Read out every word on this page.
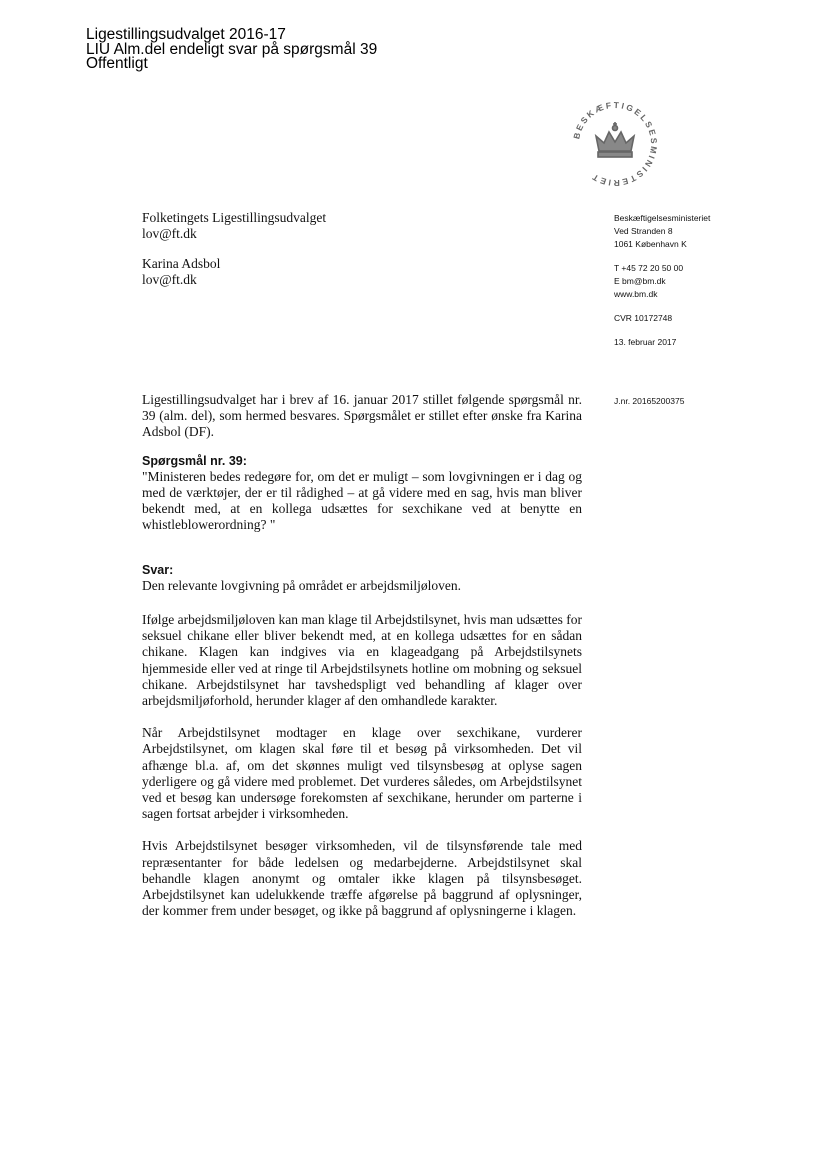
Ligestillingsudvalget 2016-17
LIU Alm.del endeligt svar på spørgsmål 39
Offentligt
BESKÆFTIGELSESMINISTERIET
Folketingets Ligestillingsudvalget
lov@ft.dk
Karina Adsbol
lov@ft.dk
Beskæftigelsesministeriet
Ved Stranden 8
1061 København K
T +45 72 20 50 00
E bm@bm.dk
www.bm.dk
CVR 10172748
13. februar 2017
J.nr. 20165200375

Ligestillingsudvalget har i brev af 16. januar 2017 stillet følgende spørgsmål nr. 39 (alm. del), som hermed besvares. Spørgsmålet er stillet efter ønske fra Karina Adsbol (DF).

Spørgsmål nr. 39:

"Ministeren bedes redegøre for, om det er muligt – som lovgivningen er i dag og med de værktøjer, der er til rådighed – at gå videre med en sag, hvis man bliver bekendt med, at en kollega udsættes for sexchikane ved at benytte en whistleblowerordning? "

Svar:

Den relevante lovgivning på området er arbejdsmiljøloven.

Ifølge arbejdsmiljøloven kan man klage til Arbejdstilsynet, hvis man udsættes for seksuel chikane eller bliver bekendt med, at en kollega udsættes for en sådan chikane. Klagen kan indgives via en klageadgang på Arbejdstilsynets hjemmeside eller ved at ringe til Arbejdstilsynets hotline om mobning og seksuel chikane. Arbejdstilsynet har tavshedspligt ved behandling af klager over arbejdsmiljøforhold, herunder klager af den omhandlede karakter.

Når Arbejdstilsynet modtager en klage over sexchikane, vurderer Arbejdstilsynet, om klagen skal føre til et besøg på virksomheden. Det vil afhænge bl.a. af, om det skønnes muligt ved tilsynsbesøg at oplyse sagen yderligere og gå videre med problemet. Det vurderes således, om Arbejdstilsynet ved et besøg kan undersøge forekomsten af sexchikane, herunder om parterne i sagen fortsat arbejder i virksomheden.

Hvis Arbejdstilsynet besøger virksomheden, vil de tilsynsførende tale med repræsentanter for både ledelsen og medarbejderne. Arbejdstilsynet skal behandle klagen anonymt og omtaler ikke klagen på tilsynsbesøget. Arbejdstilsynet kan udelukkende træffe afgørelse på baggrund af oplysninger, der kommer frem under besøget, og ikke på baggrund af oplysningerne i klagen.
